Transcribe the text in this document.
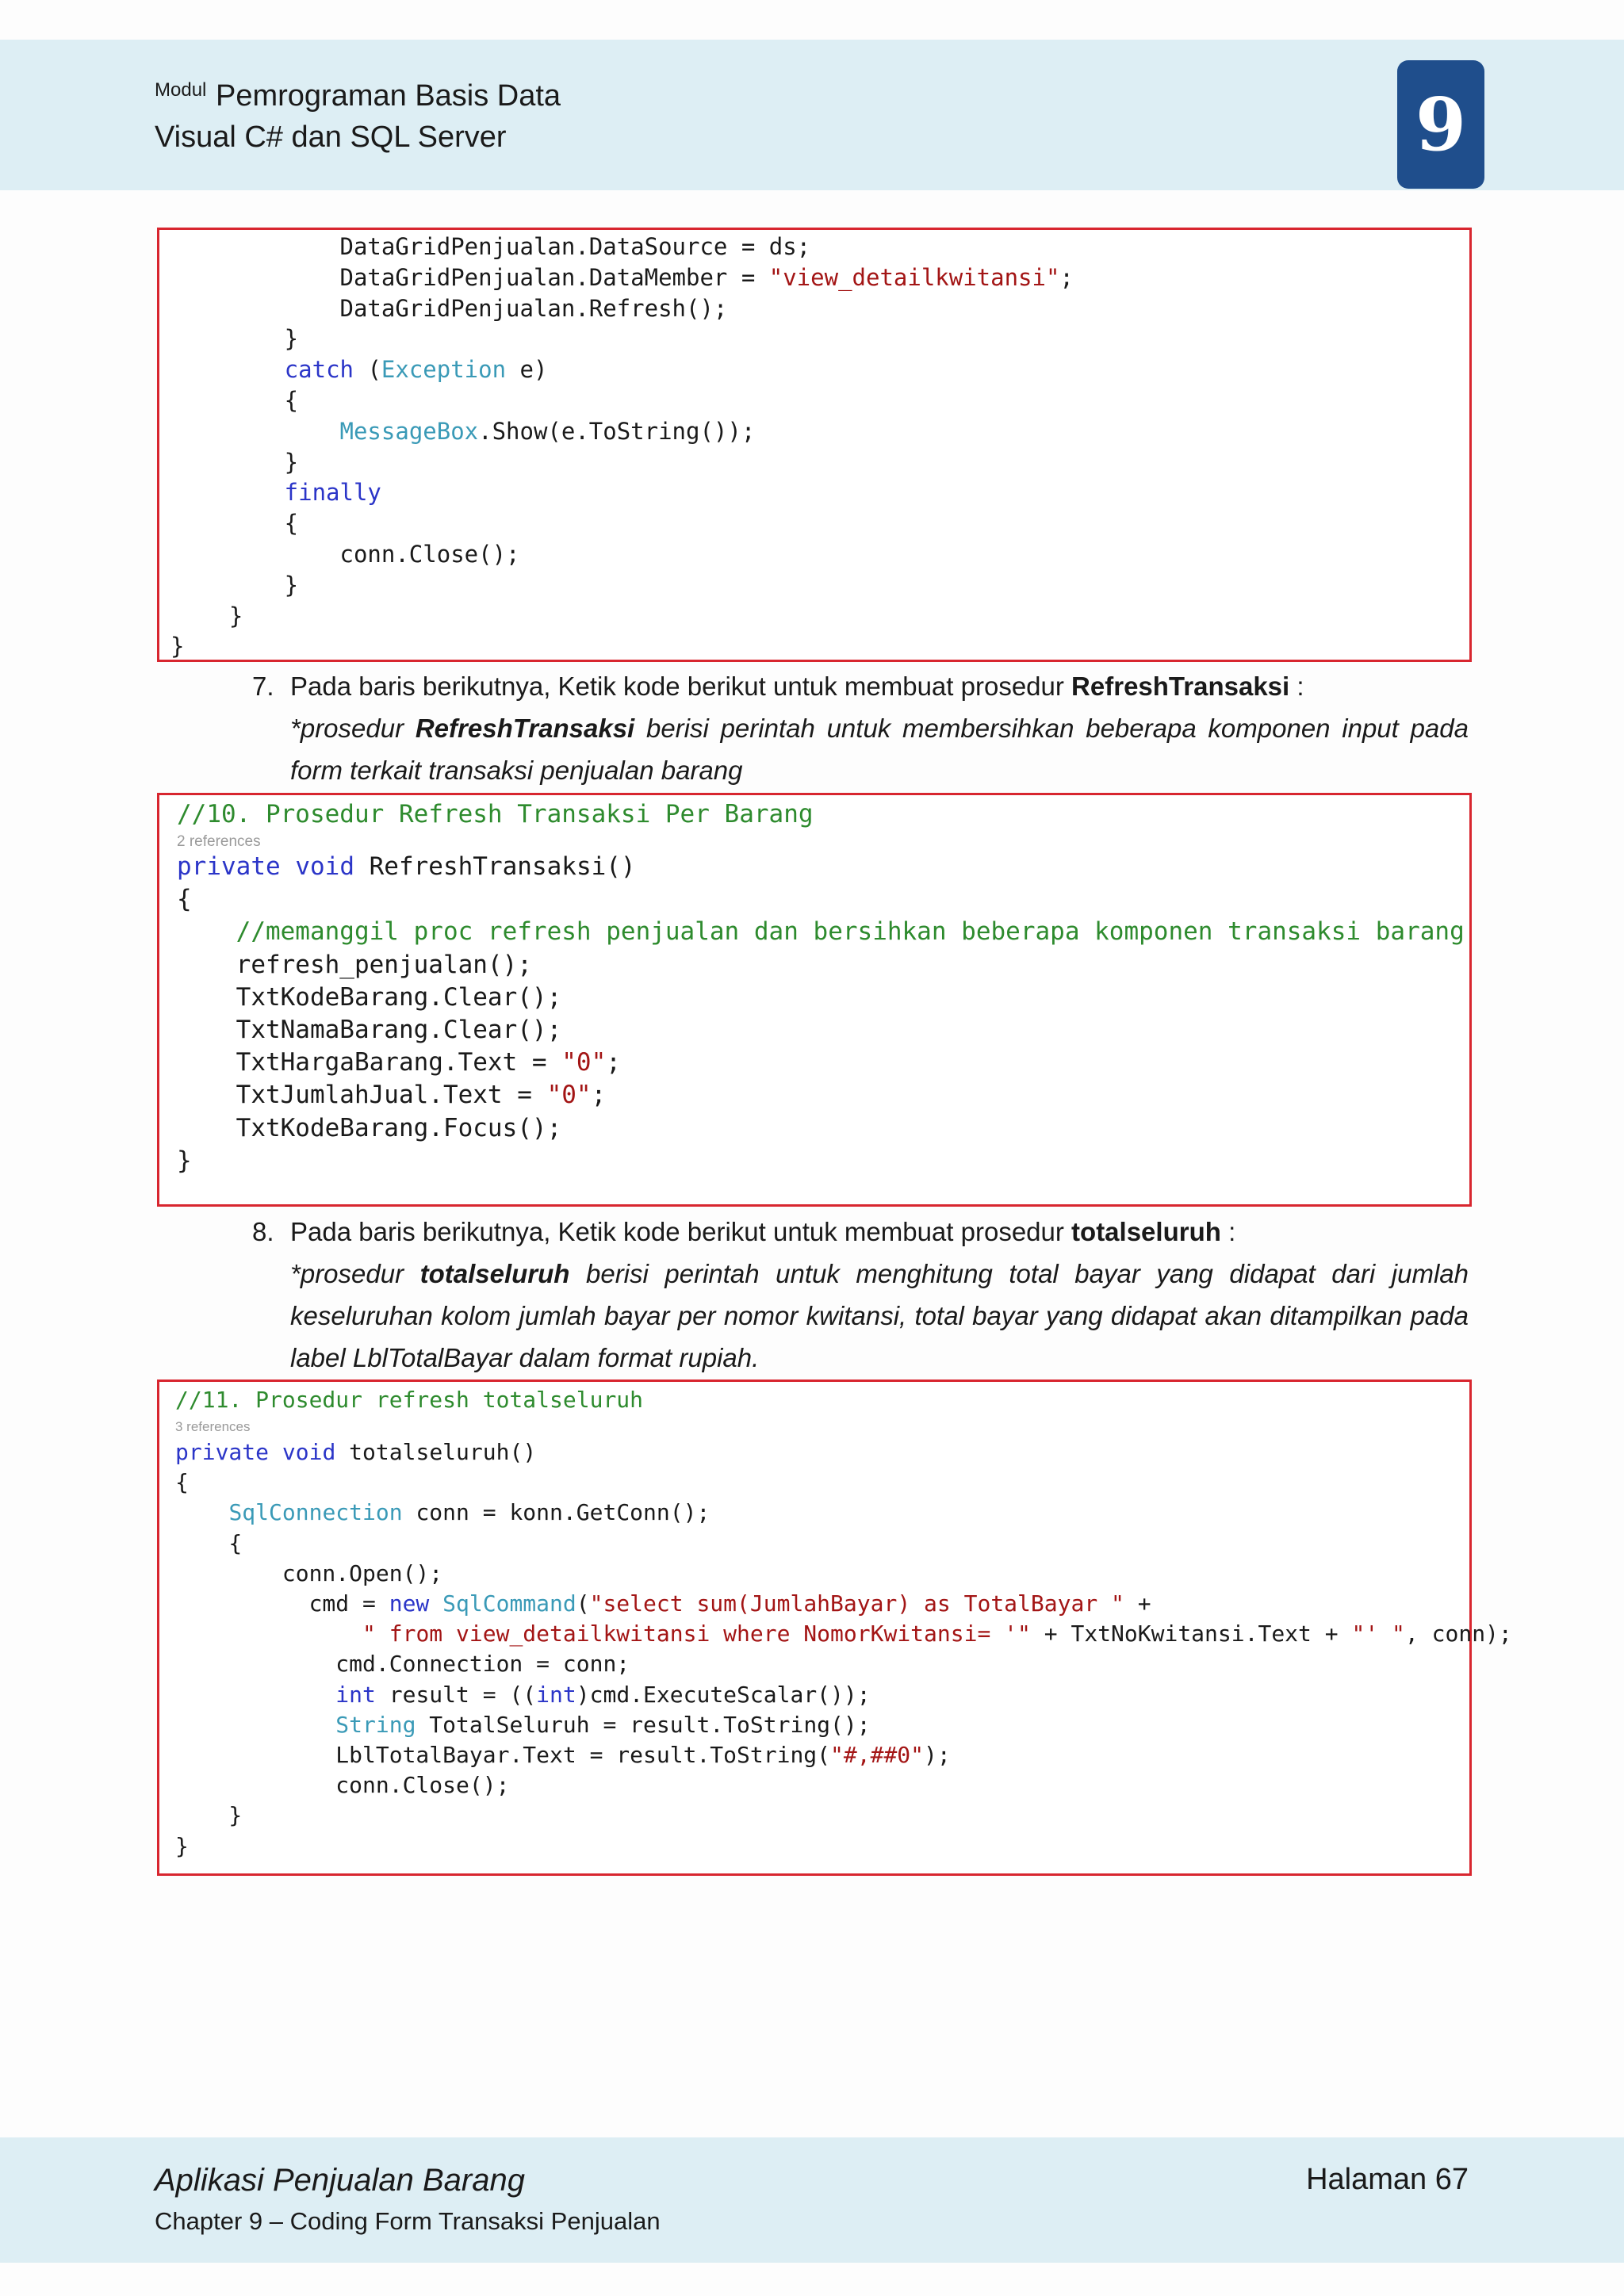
Modul Pemrograman Basis Data
Visual C# dan SQL Server	9
DataGridPenjualan.DataSource = ds;
DataGridPenjualan.DataMember = "view_detailkwitansi";
DataGridPenjualan.Refresh();
}
catch (Exception e)
{
MessageBox.Show(e.ToString());
}
finally
{
conn.Close();
}
}
}
7. Pada baris berikutnya, Ketik kode berikut untuk membuat prosedur RefreshTransaksi :
*prosedur RefreshTransaksi berisi perintah untuk membersihkan beberapa komponen input pada form terkait transaksi penjualan barang
//10. Prosedur Refresh Transaksi Per Barang
2 references
private void RefreshTransaksi()
{
//memanggil proc refresh penjualan dan bersihkan beberapa komponen transaksi barang
refresh_penjualan();
TxtKodeBarang.Clear();
TxtNamaBarang.Clear();
TxtHargaBarang.Text = "0";
TxtJumlahJual.Text = "0";
TxtKodeBarang.Focus();
}
8. Pada baris berikutnya, Ketik kode berikut untuk membuat prosedur totalseluruh :
*prosedur totalseluruh berisi perintah untuk menghitung total bayar yang didapat dari jumlah keseluruhan kolom jumlah bayar per nomor kwitansi, total bayar yang didapat akan ditampilkan pada label LblTotalBayar dalam format rupiah.
//11. Prosedur refresh totalseluruh
3 references
private void totalseluruh()
{
SqlConnection conn = konn.GetConn();
{
conn.Open();
cmd = new SqlCommand("select sum(JumlahBayar) as TotalBayar " +
" from view_detailkwitansi where NomorKwitansi= '" + TxtNoKwitansi.Text + "' ", conn);
cmd.Connection = conn;
int result = ((int)cmd.ExecuteScalar());
String TotalSeluruh = result.ToString();
LblTotalBayar.Text = result.ToString("#,##0");
conn.Close();
}
}
Aplikasi Penjualan Barang
Chapter 9 – Coding Form Transaksi Penjualan
Halaman 67
